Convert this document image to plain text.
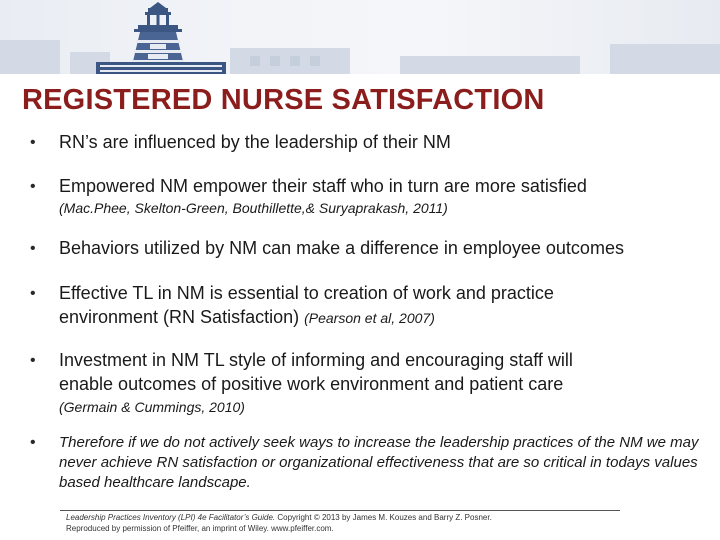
REGISTERED NURSE SATISFACTION
• RN’s are influenced by the leadership of their NM
• Empowered NM empower their staff who in turn are more satisfied
(Mac.Phee, Skelton-Green, Bouthillette,& Suryaprakash, 2011)
• Behaviors utilized by NM can make a difference in employee outcomes
• Effective TL in NM is essential to creation of work and practice
environment (RN Satisfaction) (Pearson et al, 2007)
• Investment in NM TL style of informing and encouraging staff will
enable outcomes of positive work environment and patient care
(Germain & Cummings, 2010)
• Therefore if we do not actively seek ways to increase the leadership practices of the NM we may never achieve RN satisfaction or organizational effectiveness that are so critical in todays values based healthcare landscape.
Leadership Practices Inventory (LPI) 4e Facilitator’s Guide. Copyright © 2013 by James M. Kouzes and Barry Z. Posner.
Reproduced by permission of Pfeiffer, an imprint of Wiley. www.pfeiffer.com.
